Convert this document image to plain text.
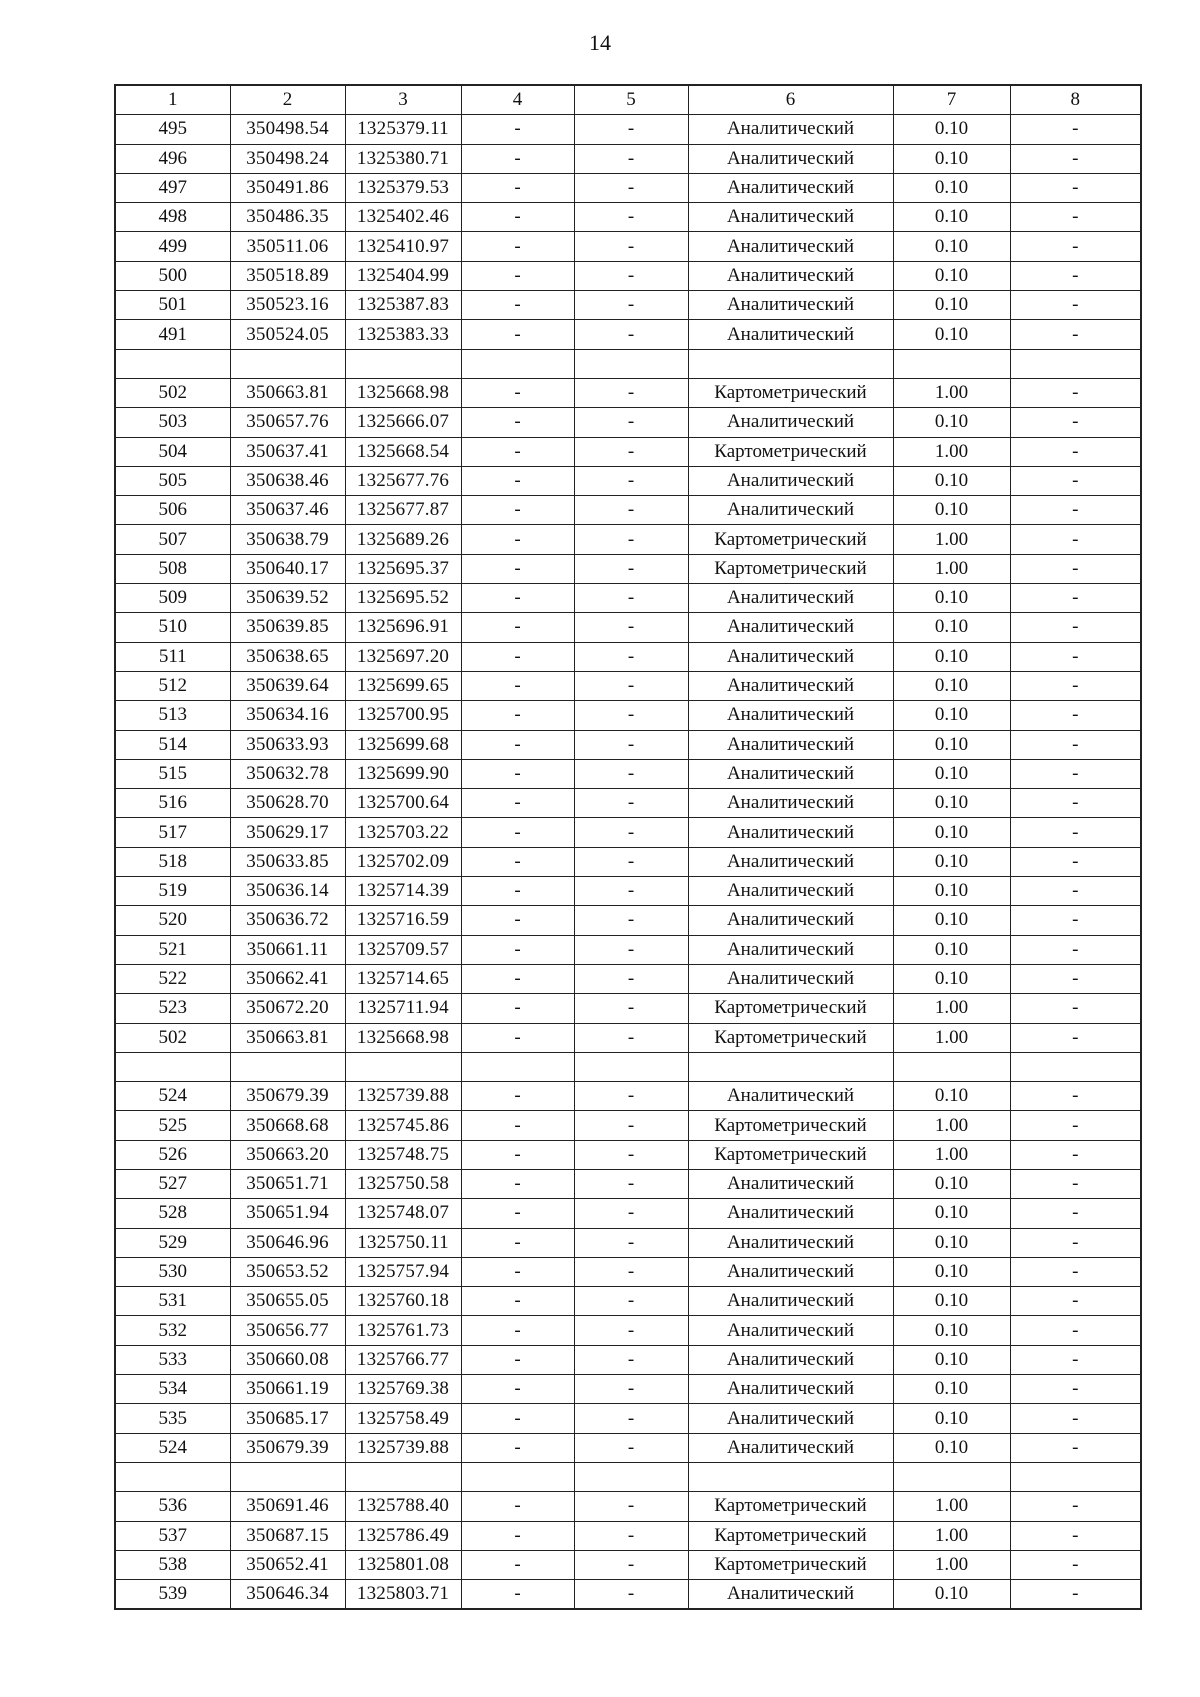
14
1	2	3	4	5	6	7	8
495	350498.54	1325379.11	-	-	Аналитический	0.10	-
496	350498.24	1325380.71	-	-	Аналитический	0.10	-
497	350491.86	1325379.53	-	-	Аналитический	0.10	-
498	350486.35	1325402.46	-	-	Аналитический	0.10	-
499	350511.06	1325410.97	-	-	Аналитический	0.10	-
500	350518.89	1325404.99	-	-	Аналитический	0.10	-
501	350523.16	1325387.83	-	-	Аналитический	0.10	-
491	350524.05	1325383.33	-	-	Аналитический	0.10	-

502	350663.81	1325668.98	-	-	Картометрический	1.00	-
503	350657.76	1325666.07	-	-	Аналитический	0.10	-
504	350637.41	1325668.54	-	-	Картометрический	1.00	-
505	350638.46	1325677.76	-	-	Аналитический	0.10	-
506	350637.46	1325677.87	-	-	Аналитический	0.10	-
507	350638.79	1325689.26	-	-	Картометрический	1.00	-
508	350640.17	1325695.37	-	-	Картометрический	1.00	-
509	350639.52	1325695.52	-	-	Аналитический	0.10	-
510	350639.85	1325696.91	-	-	Аналитический	0.10	-
511	350638.65	1325697.20	-	-	Аналитический	0.10	-
512	350639.64	1325699.65	-	-	Аналитический	0.10	-
513	350634.16	1325700.95	-	-	Аналитический	0.10	-
514	350633.93	1325699.68	-	-	Аналитический	0.10	-
515	350632.78	1325699.90	-	-	Аналитический	0.10	-
516	350628.70	1325700.64	-	-	Аналитический	0.10	-
517	350629.17	1325703.22	-	-	Аналитический	0.10	-
518	350633.85	1325702.09	-	-	Аналитический	0.10	-
519	350636.14	1325714.39	-	-	Аналитический	0.10	-
520	350636.72	1325716.59	-	-	Аналитический	0.10	-
521	350661.11	1325709.57	-	-	Аналитический	0.10	-
522	350662.41	1325714.65	-	-	Аналитический	0.10	-
523	350672.20	1325711.94	-	-	Картометрический	1.00	-
502	350663.81	1325668.98	-	-	Картометрический	1.00	-

524	350679.39	1325739.88	-	-	Аналитический	0.10	-
525	350668.68	1325745.86	-	-	Картометрический	1.00	-
526	350663.20	1325748.75	-	-	Картометрический	1.00	-
527	350651.71	1325750.58	-	-	Аналитический	0.10	-
528	350651.94	1325748.07	-	-	Аналитический	0.10	-
529	350646.96	1325750.11	-	-	Аналитический	0.10	-
530	350653.52	1325757.94	-	-	Аналитический	0.10	-
531	350655.05	1325760.18	-	-	Аналитический	0.10	-
532	350656.77	1325761.73	-	-	Аналитический	0.10	-
533	350660.08	1325766.77	-	-	Аналитический	0.10	-
534	350661.19	1325769.38	-	-	Аналитический	0.10	-
535	350685.17	1325758.49	-	-	Аналитический	0.10	-
524	350679.39	1325739.88	-	-	Аналитический	0.10	-

536	350691.46	1325788.40	-	-	Картометрический	1.00	-
537	350687.15	1325786.49	-	-	Картометрический	1.00	-
538	350652.41	1325801.08	-	-	Картометрический	1.00	-
539	350646.34	1325803.71	-	-	Аналитический	0.10	-
